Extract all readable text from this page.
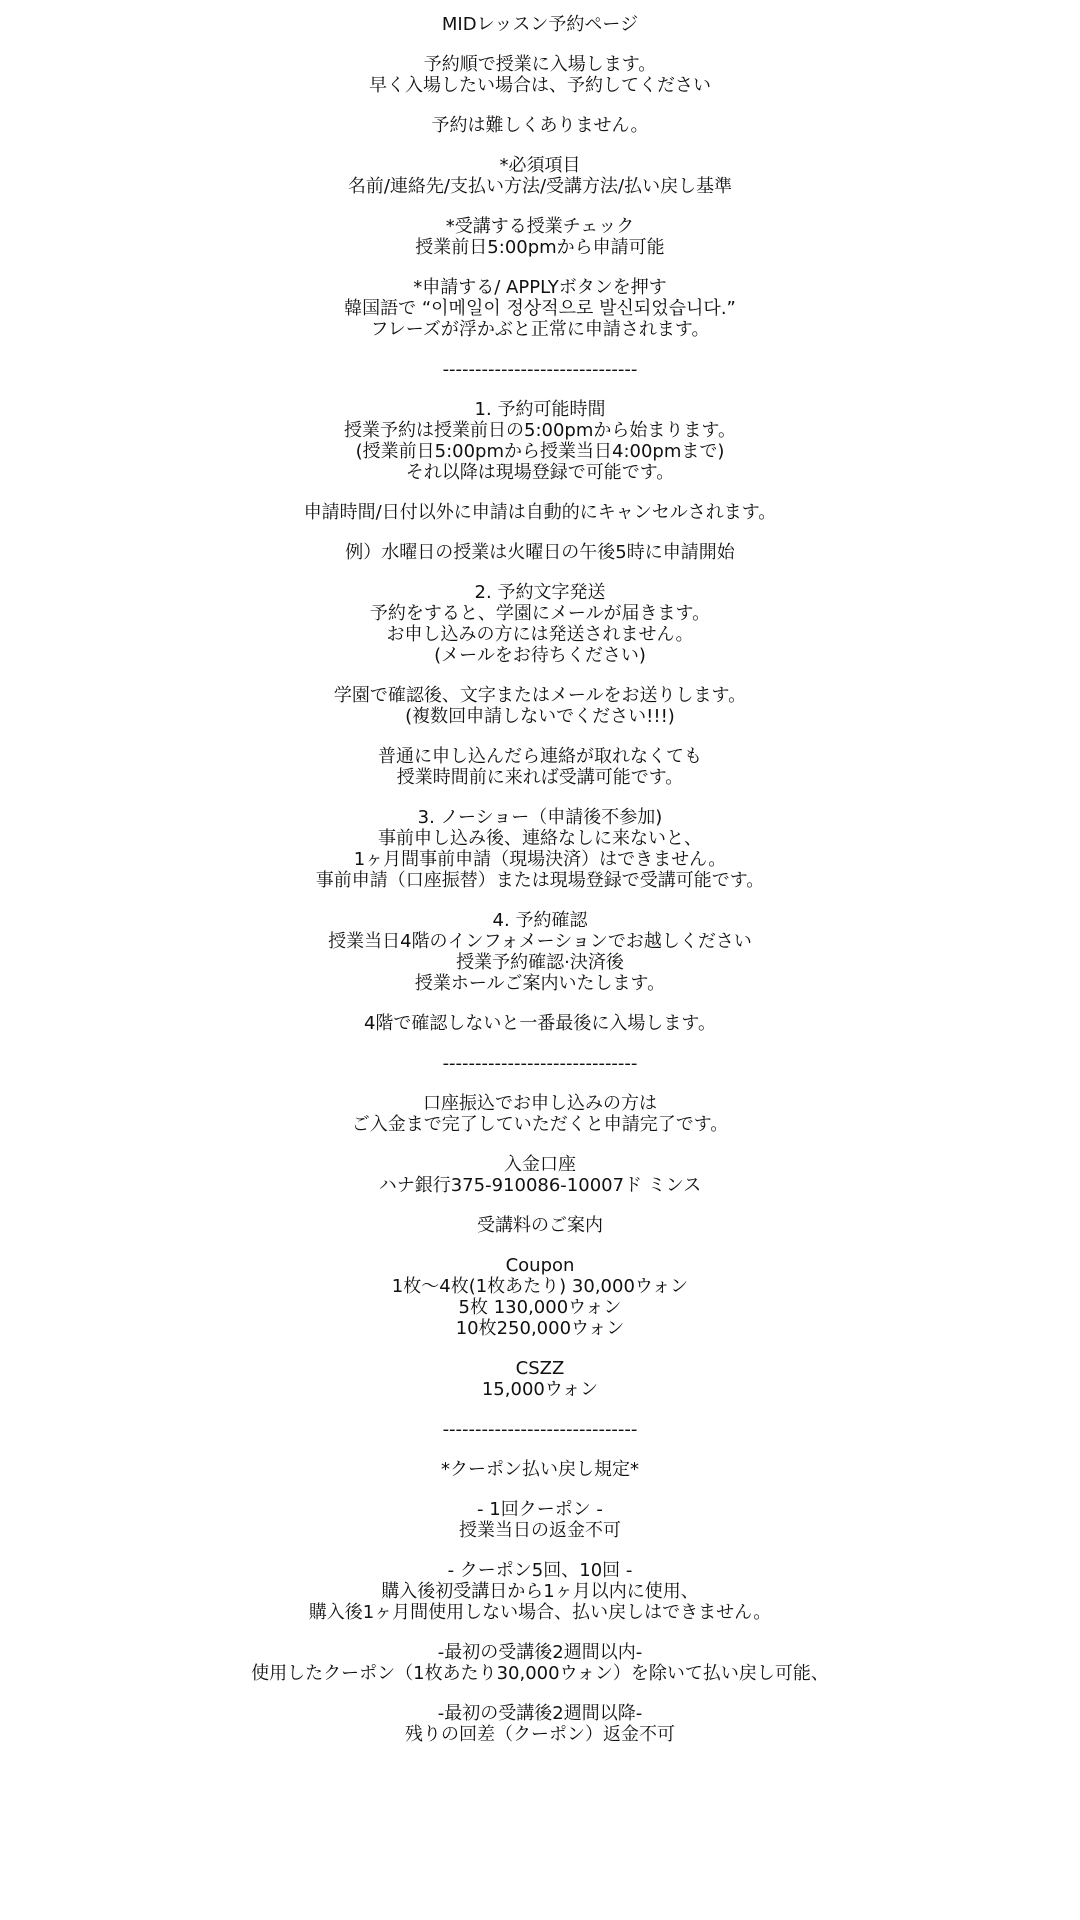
MIDレッスン予約ページ
予約順で授業に入場します。
早く入場したい場合は、予約してください
予約は難しくありません。
*必須項目
名前/連絡先/支払い方法/受講方法/払い戻し基準
*受講する授業チェック
授業前日5:00pmから申請可能
*申請する/ APPLYボタンを押す
韓国語で “이메일이 정상적으로 발신되었습니다.”
フレーズが浮かぶと正常に申請されます。
------------------------------
1. 予約可能時間
授業予約は授業前日の5:00pmから始まります。
(授業前日5:00pmから授業当日4:00pmまで)
それ以降は現場登録で可能です。
申請時間/日付以外に申請は自動的にキャンセルされます。
例）水曜日の授業は火曜日の午後5時に申請開始
2. 予約文字発送
予約をすると、学園にメールが届きます。
お申し込みの方には発送されません。
(メールをお待ちください)
学園で確認後、文字またはメールをお送りします。
(複数回申請しないでください!!!)
普通に申し込んだら連絡が取れなくても
授業時間前に来れば受講可能です。
3. ノーショー（申請後不参加)
事前申し込み後、連絡なしに来ないと、
1ヶ月間事前申請（現場決済）はできません。
事前申請（口座振替）または現場登録で受講可能です。
4. 予約確認
授業当日4階のインフォメーションでお越しください
授業予約確認·決済後
授業ホールご案内いたします。
4階で確認しないと一番最後に入場します。
------------------------------
口座振込でお申し込みの方は
ご入金まで完了していただくと申請完了です。
入金口座
ハナ銀行375-910086-10007ド ミンス
受講料のご案内
Coupon
1枚～4枚(1枚あたり) 30,000ウォン
5枚 130,000ウォン
10枚250,000ウォン
CSZZ
15,000ウォン
------------------------------
*クーポン払い戻し規定*
- 1回クーポン -
授業当日の返金不可
- クーポン5回、10回 -
購入後初受講日から1ヶ月以内に使用、
購入後1ヶ月間使用しない場合、払い戻しはできません。
-最初の受講後2週間以内-
使用したクーポン（1枚あたり30,000ウォン）を除いて払い戻し可能、
-最初の受講後2週間以降-
残りの回差（クーポン）返金不可
